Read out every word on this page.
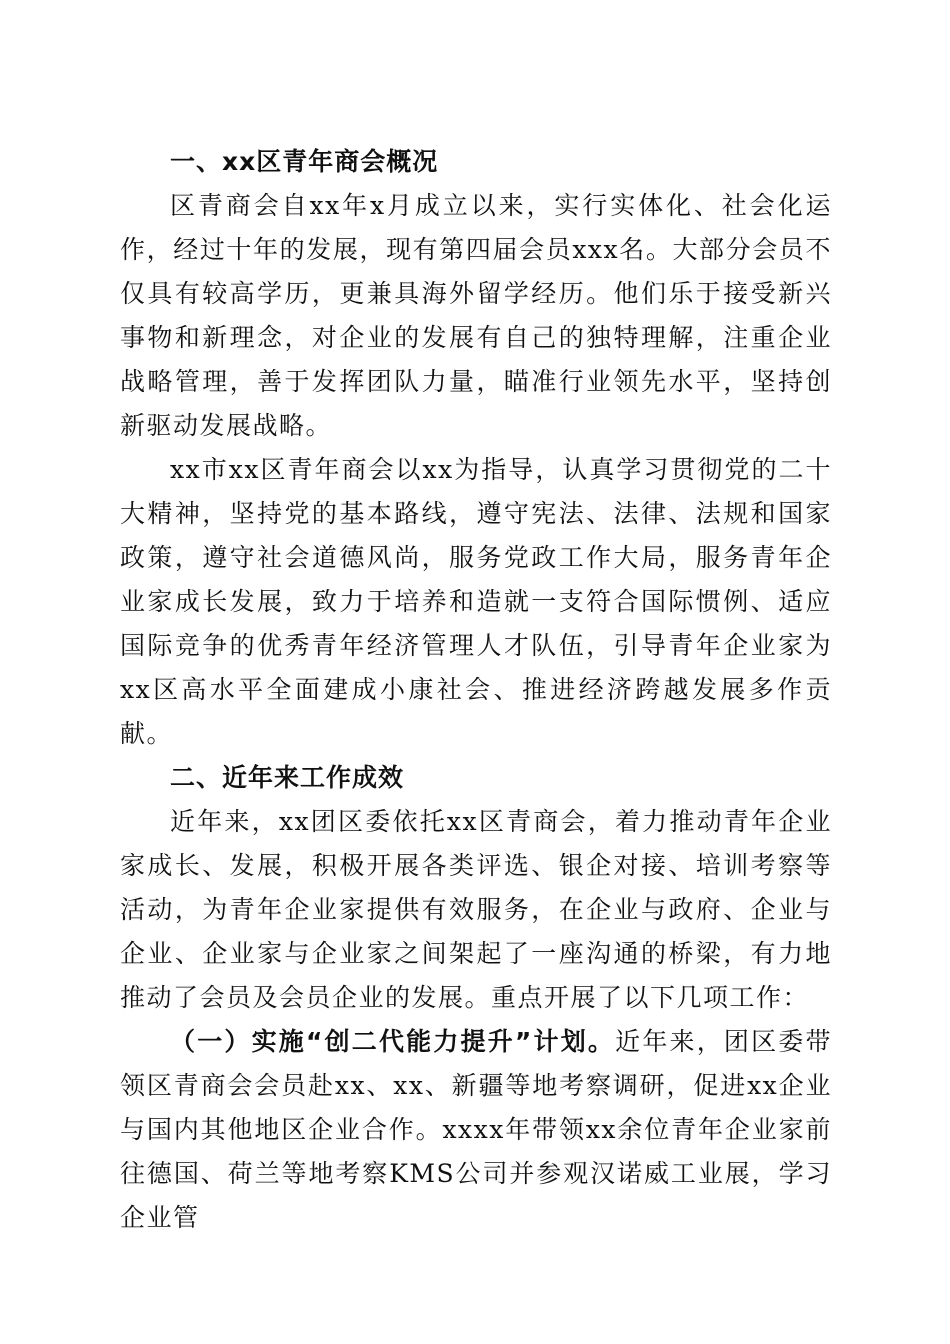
一、xx区青年商会概况

区青商会自xx年x月成立以来，实行实体化、社会化运作，经过十年的发展，现有第四届会员xxx名。大部分会员不仅具有较高学历，更兼具海外留学经历。他们乐于接受新兴事物和新理念，对企业的发展有自己的独特理解，注重企业战略管理，善于发挥团队力量，瞄准行业领先水平，坚持创新驱动发展战略。

xx市xx区青年商会以xx为指导，认真学习贯彻党的二十大精神，坚持党的基本路线，遵守宪法、法律、法规和国家政策，遵守社会道德风尚，服务党政工作大局，服务青年企业家成长发展，致力于培养和造就一支符合国际惯例、适应国际竞争的优秀青年经济管理人才队伍，引导青年企业家为xx区高水平全面建成小康社会、推进经济跨越发展多作贡献。

二、近年来工作成效

近年来，xx团区委依托xx区青商会，着力推动青年企业家成长、发展，积极开展各类评选、银企对接、培训考察等活动，为青年企业家提供有效服务，在企业与政府、企业与企业、企业家与企业家之间架起了一座沟通的桥梁，有力地推动了会员及会员企业的发展。重点开展了以下几项工作：

（一）实施“创二代能力提升”计划。近年来，团区委带领区青商会会员赴xx、xx、新疆等地考察调研，促进xx企业与国内其他地区企业合作。xxxx年带领xx余位青年企业家前往德国、荷兰等地考察KMS公司并参观汉诺威工业展，学习企业管
